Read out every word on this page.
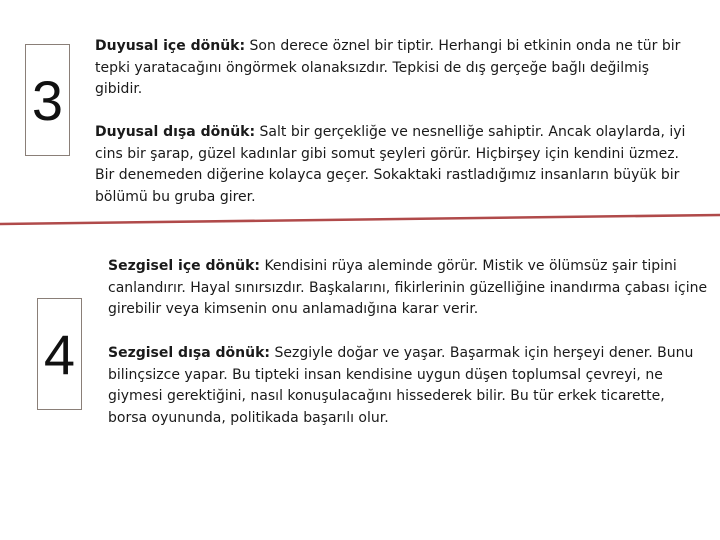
3

Duyusal içe dönük: Son derece öznel bir tiptir. Herhangi bi etkinin onda ne tür bir tepki yaratacağını öngörmek olanaksızdır. Tepkisi de dış gerçeğe bağlı değilmiş gibidir.

Duyusal dışa dönük: Salt bir gerçekliğe ve nesnelliğe sahiptir. Ancak olaylarda, iyi cins bir şarap, güzel kadınlar gibi somut şeyleri görür. Hiçbirşey için kendini üzmez. Bir denemeden diğerine kolayca geçer. Sokaktaki rastladığımız insanların büyük bir bölümü bu gruba girer.

4

Sezgisel içe dönük: Kendisini rüya aleminde görür. Mistik ve ölümsüz şair tipini canlandırır. Hayal sınırsızdır. Başkalarını, fikirlerinin güzelliğine inandırma çabası içine girebilir veya kimsenin onu anlamadığına karar verir.

Sezgisel dışa dönük: Sezgiyle doğar ve yaşar. Başarmak için herşeyi dener. Bunu bilinçsizce yapar. Bu tipteki insan kendisine uygun düşen toplumsal çevreyi, ne giymesi gerektiğini, nasıl konuşulacağını hissederek bilir. Bu tür erkek ticarette, borsa oyununda, politikada başarılı olur.
